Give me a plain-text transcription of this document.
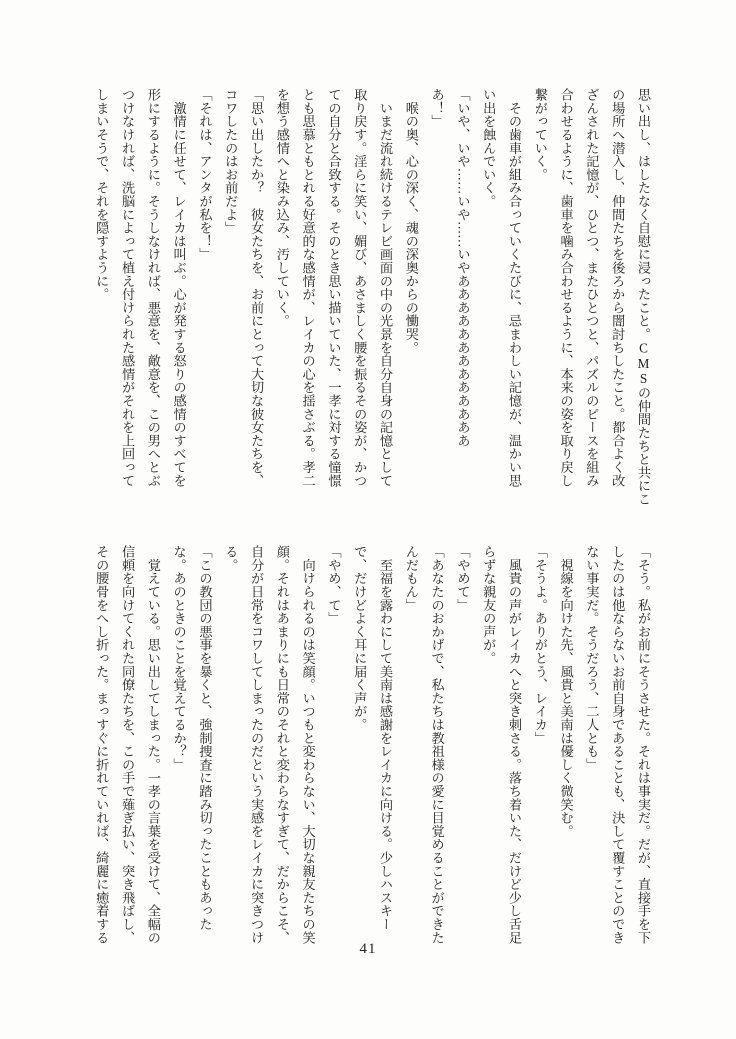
思い出し、はしたなく自慰に浸ったこと。CMSの仲間たちと共にこ
の場所へ潜入し、仲間たちを後ろから闇討ちしたこと。都合よく改
ざんされた記憶が、ひとつ、またひとつと、パズルのピースを組み
合わせるように、歯車を噛み合わせるように、本来の姿を取り戻し
繋がっていく。
　その歯車が組み合っていくたびに、忌まわしい記憶が、温かい思
い出を蝕んでいく。
「いや、いや……いや……いやあああああああああああああ
あ！」
　喉の奥、心の深く、魂の深奥からの慟哭。
　いまだ流れ続けるテレビ画面の中の光景を自分自身の記憶として
取り戻す。淫らに笑い、媚び、あさましく腰を振るその姿が、かつ
ての自分と合致する。そのとき思い描いていた、一孝に対する憧憬
とも思慕ともとれる好意的な感情が、レイカの心を揺さぶる。孝二
を想う感情へと染み込み、汚していく。
「思い出したか？　彼女たちを、お前にとって大切な彼女たちを、
コワしたのはお前だよ」
「それは、アンタが私を！」
　激情に任せて、レイカは叫ぶ。心が発する怒りの感情のすべてを
形にするように。そうしなければ、悪意を、敵意を、この男へとぶ
つけなければ、洗脳によって植え付けられた感情がそれを上回って
しまいそうで、それを隠すように。
「そう。私がお前にそうさせた。それは事実だ。だが、直接手を下
したのは他ならないお前自身であることも、決して覆すことのでき
ない事実だ。そうだろう、二人とも」
　視線を向けた先、風貴と美南は優しく微笑む。
「そうよ。ありがとう、レイカ」
　風貴の声がレイカへと突き刺さる。落ち着いた、だけど少し舌足
らずな親友の声が。
「やめて」
「あなたのおかげで、私たちは教祖様の愛に目覚めることができた
んだもん」
　至福を露わにして美南は感謝をレイカに向ける。少しハスキー
で、だけどよく耳に届く声が。
「やめ、て」
　向けられるのは笑顔。いつもと変わらない、大切な親友たちの笑
顔。それはあまりにも日常のそれと変わらなすぎて、だからこそ、
自分が日常をコワしてしまったのだという実感をレイカに突きつけ
る。
「この教団の悪事を暴くと、強制捜査に踏み切ったこともあった
な。あのときのことを覚えてるか？」
　覚えている。思い出してしまった。一孝の言葉を受けて、全幅の
信頼を向けてくれた同僚たちを、この手で薙ぎ払い、突き飛ばし、
その腰骨をへし折った。まっすぐに折れていれば、綺麗に癒着する
41
